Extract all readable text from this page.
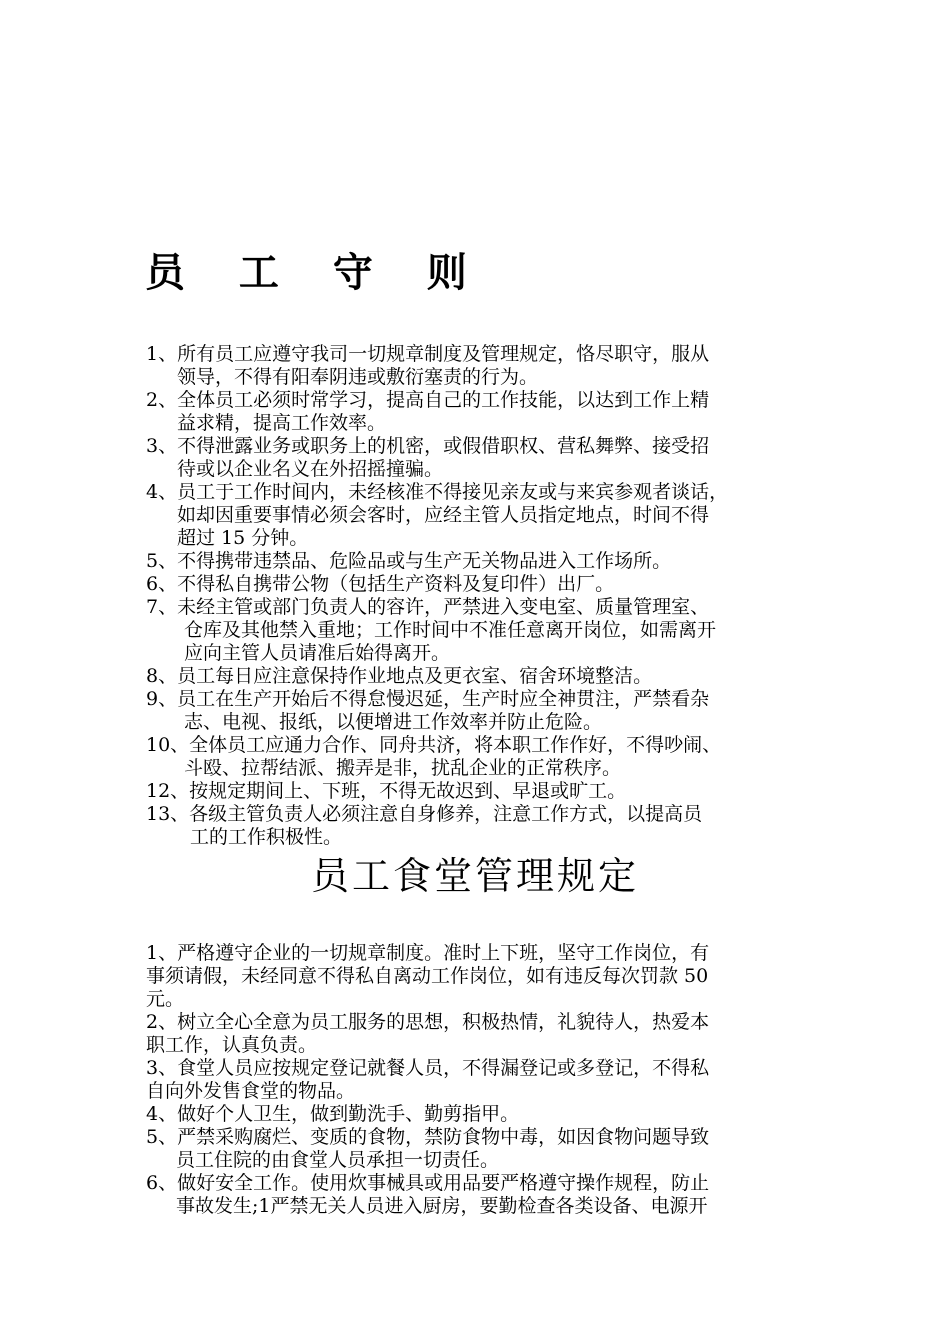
员 工 守 则
1、所有员工应遵守我司一切规章制度及管理规定，恪尽职守，服从
领导，不得有阳奉阴违或敷衍塞责的行为。
2、全体员工必须时常学习，提高自己的工作技能，以达到工作上精
益求精，提高工作效率。
3、不得泄露业务或职务上的机密，或假借职权、营私舞弊、接受招
待或以企业名义在外招摇撞骗。
4、员工于工作时间内，未经核准不得接见亲友或与来宾参观者谈话，
如却因重要事情必须会客时，应经主管人员指定地点，时间不得
超过 15 分钟。
5、不得携带违禁品、危险品或与生产无关物品进入工作场所。
6、不得私自携带公物（包括生产资料及复印件）出厂。
7、未经主管或部门负责人的容许，严禁进入变电室、质量管理室、
仓库及其他禁入重地；工作时间中不准任意离开岗位，如需离开
应向主管人员请准后始得离开。
8、员工每日应注意保持作业地点及更衣室、宿舍环境整洁。
9、员工在生产开始后不得怠慢迟延，生产时应全神贯注，严禁看杂
志、电视、报纸，以便增进工作效率并防止危险。
10、全体员工应通力合作、同舟共济，将本职工作作好，不得吵闹、
斗殴、拉帮结派、搬弄是非，扰乱企业的正常秩序。
12、按规定期间上、下班，不得无故迟到、早退或旷工。
13、各级主管负责人必须注意自身修养，注意工作方式，以提高员
工的工作积极性。
员工食堂管理规定
1、严格遵守企业的一切规章制度。准时上下班，坚守工作岗位，有
事须请假，未经同意不得私自离动工作岗位，如有违反每次罚款 50
元。
2、树立全心全意为员工服务的思想，积极热情，礼貌待人，热爱本
职工作，认真负责。
3、食堂人员应按规定登记就餐人员，不得漏登记或多登记，不得私
自向外发售食堂的物品。
4、做好个人卫生，做到勤洗手、勤剪指甲。
5、严禁采购腐烂、变质的食物，禁防食物中毒，如因食物问题导致
员工住院的由食堂人员承担一切责任。
6、做好安全工作。使用炊事械具或用品要严格遵守操作规程，防止
事故发生;1严禁无关人员进入厨房，要勤检查各类设备、电源开
